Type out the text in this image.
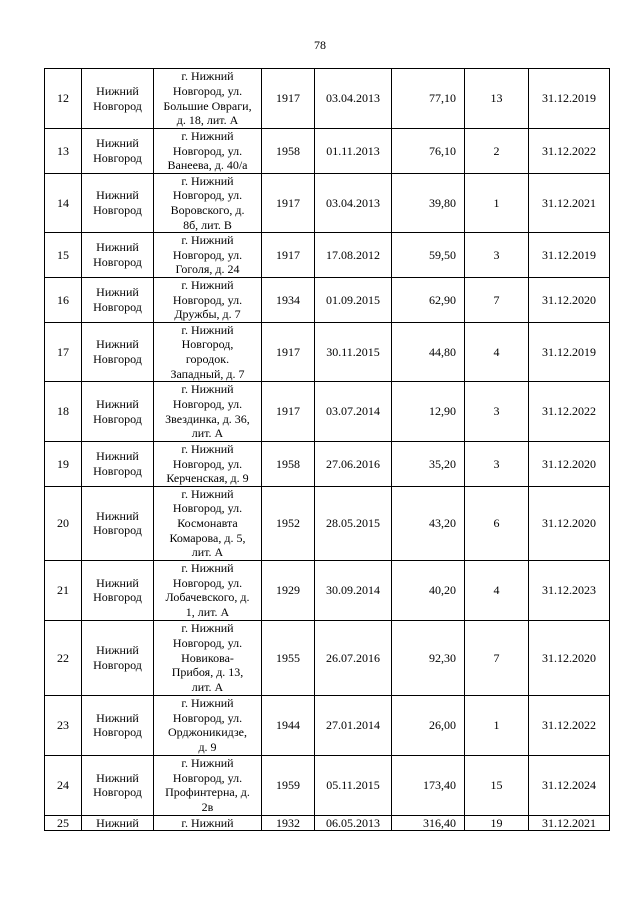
78
12	Нижний
Новгород	г. Нижний
Новгород, ул.
Большие Овраги,
д. 18, лит. А	1917	03.04.2013	77,10	13	31.12.2019
13	Нижний
Новгород	г. Нижний
Новгород, ул.
Ванеева, д. 40/а	1958	01.11.2013	76,10	2	31.12.2022
14	Нижний
Новгород	г. Нижний
Новгород, ул.
Воровского, д.
8б, лит. В	1917	03.04.2013	39,80	1	31.12.2021
15	Нижний
Новгород	г. Нижний
Новгород, ул.
Гоголя, д. 24	1917	17.08.2012	59,50	3	31.12.2019
16	Нижний
Новгород	г. Нижний
Новгород, ул.
Дружбы, д. 7	1934	01.09.2015	62,90	7	31.12.2020
17	Нижний
Новгород	г. Нижний
Новгород,
городок.
Западный, д. 7	1917	30.11.2015	44,80	4	31.12.2019
18	Нижний
Новгород	г. Нижний
Новгород, ул.
Звездинка, д. 36,
лит. А	1917	03.07.2014	12,90	3	31.12.2022
19	Нижний
Новгород	г. Нижний
Новгород, ул.
Керченская, д. 9	1958	27.06.2016	35,20	3	31.12.2020
20	Нижний
Новгород	г. Нижний
Новгород, ул.
Космонавта
Комарова, д. 5,
лит. А	1952	28.05.2015	43,20	6	31.12.2020
21	Нижний
Новгород	г. Нижний
Новгород, ул.
Лобачевского, д.
1, лит. А	1929	30.09.2014	40,20	4	31.12.2023
22	Нижний
Новгород	г. Нижний
Новгород, ул.
Новикова-
Прибоя, д. 13,
лит. А	1955	26.07.2016	92,30	7	31.12.2020
23	Нижний
Новгород	г. Нижний
Новгород, ул.
Орджоникидзе,
д. 9	1944	27.01.2014	26,00	1	31.12.2022
24	Нижний
Новгород	г. Нижний
Новгород, ул.
Профинтерна, д.
2в	1959	05.11.2015	173,40	15	31.12.2024
25	Нижний	г. Нижний	1932	06.05.2013	316,40	19	31.12.2021
